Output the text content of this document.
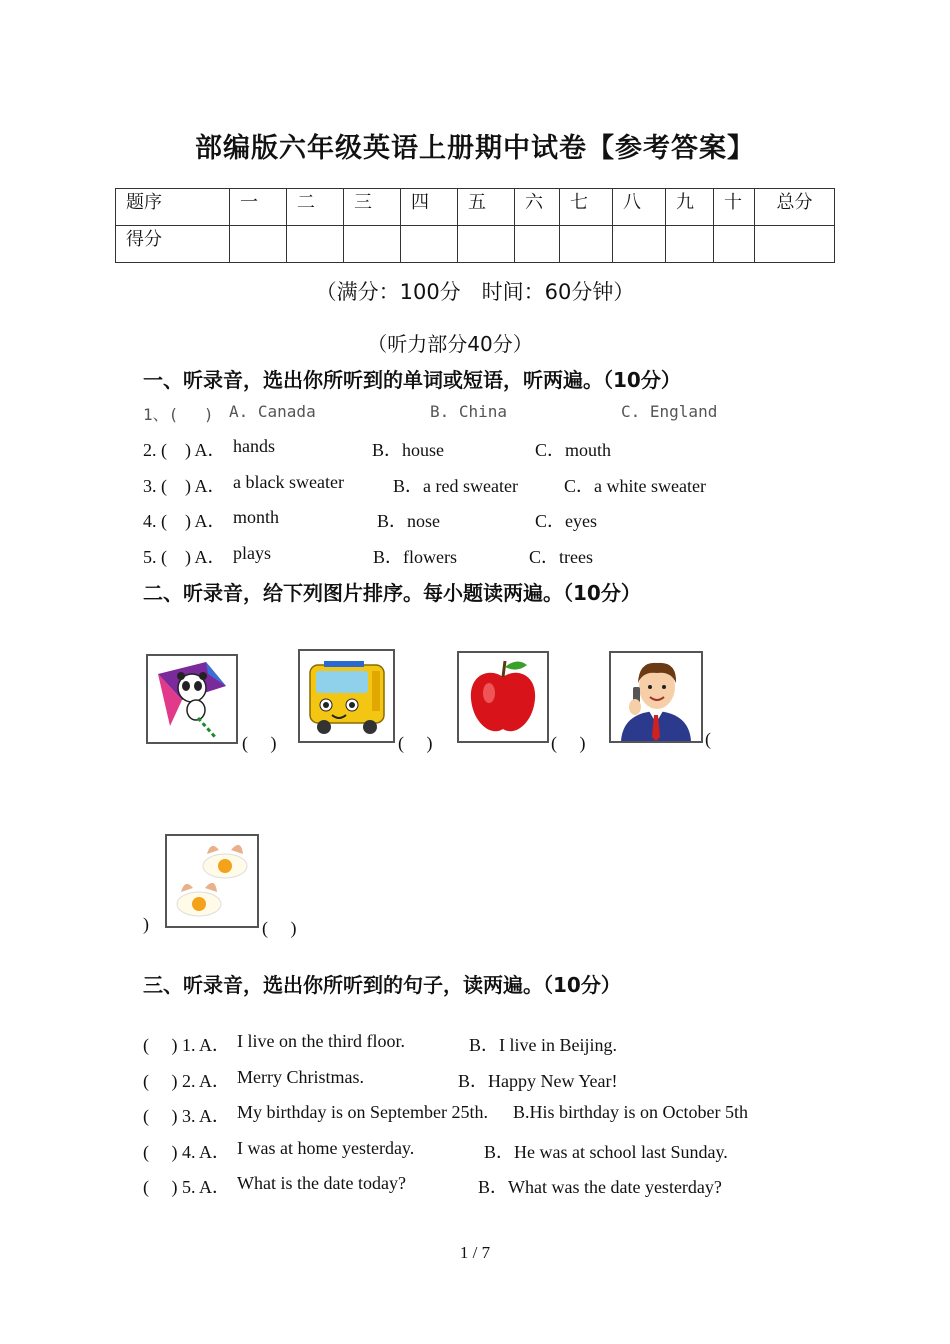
部编版六年级英语上册期中试卷【参考答案】
题序	一	二	三	四	五	六	七	八	九	十	总分
得分											
（满分：100分　时间：60分钟）
（听力部分40分）
一、听录音，选出你所听到的单词或短语，听两遍。（10分）
1、(　 ) A. Canada	B. China	C. England
2. (　) A． hands	B．house	C．mouth
3. (　) A． a black sweater	B．a red sweater	C．a white sweater
4. (　) A． month	B．nose	C．eyes
5. (　) A． plays	B．flowers	C．trees
二、听录音，给下列图片排序。每小题读两遍。（10分）
(　 )	(　 )	(　 )	(
)	(　 )
三、听录音，选出你所听到的句子，读两遍。（10分）
(　 ) 1. A． I live on the third floor.	B．I live in Beijing.
(　 ) 2. A． Merry Christmas.	B．Happy New Year!
(　 ) 3. A． My birthday is on September 25th. B.His birthday is on October 5th
(　 ) 4. A． I was at home yesterday.	B．He was at school last Sunday.
(　 ) 5. A． What is the date today?	B．What was the date yesterday?
1 / 7
